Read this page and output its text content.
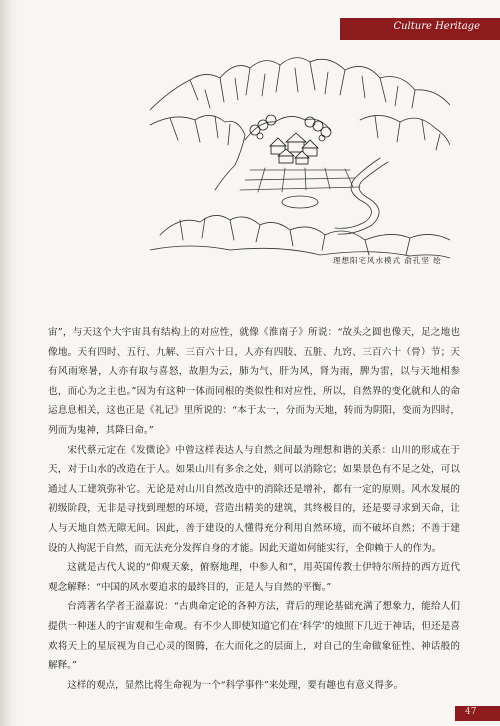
Culture Heritage
理想阳宅风水模式 俞孔坚 绘

宙”，与天这个大宇宙具有结构上的对应性，就像《淮南子》所说：“故头之圆也像天，足之地也像地。天有四时、五行、九解、三百六十日，人亦有四肢、五脏、九窍、三百六十（骨）节；天有风雨寒暑，人亦有取与喜怒，故胆为云，肺为气，肝为风，肾为雨，脾为雷，以与天地相参也，而心为之主也。”因为有这种一体而同根的类似性和对应性，所以，自然界的变化就和人的命运息息相关，这也正是《礼记》里所说的：“本于太一，分而为天地，转而为阴阳，变而为四时，列而为鬼神，其降曰命。”

宋代蔡元定在《发微论》中曾这样表达人与自然之间最为理想和谐的关系：山川的形成在于天，对于山水的改造在于人。如果山川有多余之处，则可以消除它；如果景色有不足之处，可以通过人工建筑弥补它。无论是对山川自然改造中的消除还是增补，都有一定的原则。风水发展的初级阶段，无非是寻找到理想的环境，营造出精美的建筑，其终极目的，还是要寻求到天命，让人与天地自然无隙无间。因此，善于建设的人懂得充分利用自然环境，而不破坏自然；不善于建设的人拘泥于自然，而无法充分发挥自身的才能。因此天道如何能实行，全仰赖于人的作为。

这就是古代人说的“仰观天象，俯察地理，中参人和”，用英国传教士伊特尔所持的西方近代观念解释：“中国的风水要追求的最终目的，正是人与自然的平衡。”

台湾著名学者王溢嘉说：“古典命定论的各种方法，背后的理论基础充满了想象力，能给人们提供一种迷人的宇宙观和生命观。有不少人即使知道它们在‘科学’的烛照下几近于神话，但还是喜欢将天上的星辰视为自己心灵的图腾，在大而化之的层面上，对自己的生命做象征性、神话般的解释。”

这样的观点，显然比将生命视为一个“科学事件”来处理，要有趣也有意义得多。

47
